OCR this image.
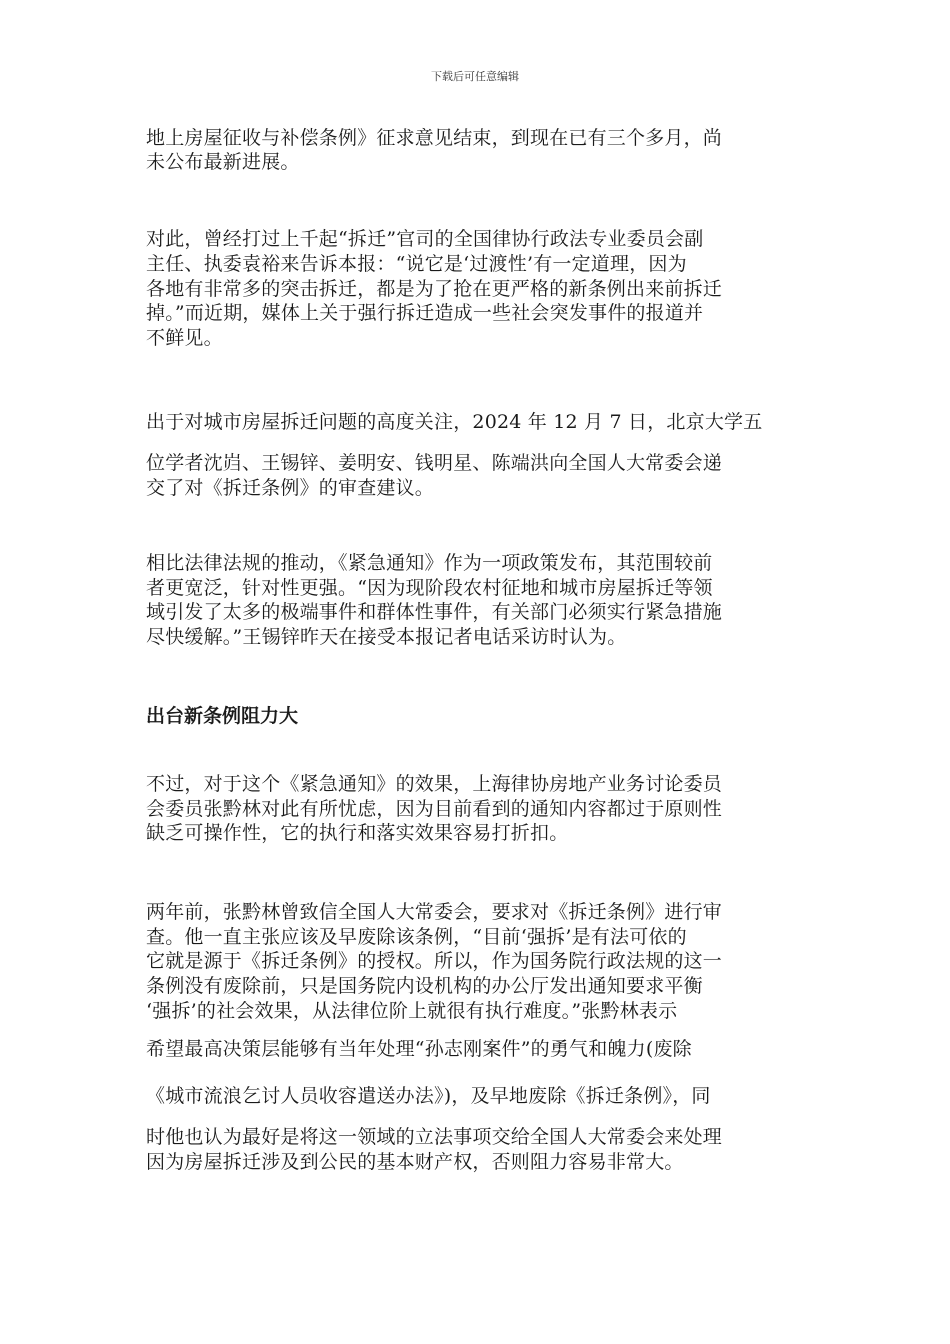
下载后可任意编辑
地上房屋征收与补偿条例》征求意见结束，到现在已有三个多月，尚
未公布最新进展。
对此，曾经打过上千起“拆迁”官司的全国律协行政法专业委员会副
主任、执委袁裕来告诉本报：“说它是‘过渡性’有一定道理，因为
各地有非常多的突击拆迁，都是为了抢在更严格的新条例出来前拆迁
掉。”而近期，媒体上关于强行拆迁造成一些社会突发事件的报道并
不鲜见。
出于对城市房屋拆迁问题的高度关注，2024 年 12 月 7 日，北京大学五
位学者沈岿、王锡锌、姜明安、钱明星、陈端洪向全国人大常委会递
交了对《拆迁条例》的审查建议。
相比法律法规的推动，《紧急通知》作为一项政策发布，其范围较前
者更宽泛，针对性更强。“因为现阶段农村征地和城市房屋拆迁等领
域引发了太多的极端事件和群体性事件，有关部门必须实行紧急措施
尽快缓解。”王锡锌昨天在接受本报记者电话采访时认为。
出台新条例阻力大
不过，对于这个《紧急通知》的效果，上海律协房地产业务讨论委员
会委员张黔林对此有所忧虑，因为目前看到的通知内容都过于原则性
缺乏可操作性，它的执行和落实效果容易打折扣。
两年前，张黔林曾致信全国人大常委会，要求对《拆迁条例》进行审
查。他一直主张应该及早废除该条例，“目前‘强拆’是有法可依的
它就是源于《拆迁条例》的授权。所以，作为国务院行政法规的这一
条例没有废除前，只是国务院内设机构的办公厅发出通知要求平衡
‘强拆’的社会效果，从法律位阶上就很有执行难度。”张黔林表示
希望最高决策层能够有当年处理“孙志刚案件”的勇气和魄力(废除
《城市流浪乞讨人员收容遣送办法》)，及早地废除《拆迁条例》，同
时他也认为最好是将这一领域的立法事项交给全国人大常委会来处理
因为房屋拆迁涉及到公民的基本财产权，否则阻力容易非常大。
